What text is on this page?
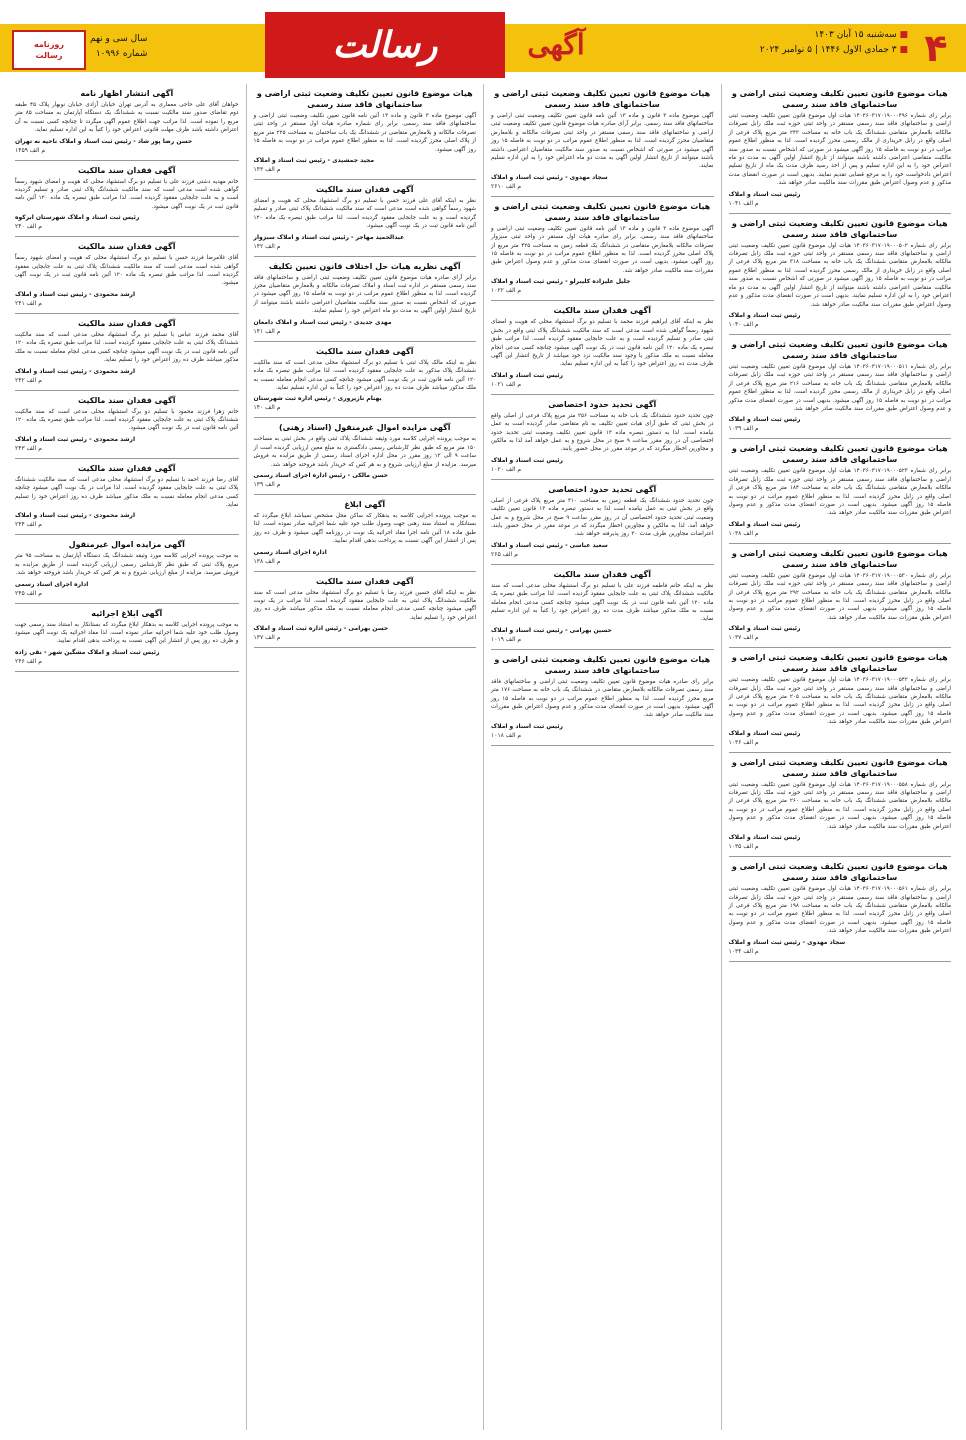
۴
■ سه‌شنبه ۱۵ آبان ۱۴۰۳
■ ۳ جمادی الاول ۱۴۴۶ | ۵ نوامبر ۲۰۲۴
آگهی
رسالت
سال سی و نهم
شماره ۱۰۹۹۶
روزنامه
رسالت
هیات موضوع قانون تعیین تکلیف وضعیت ثبتی اراضی و ساختمانهای فاقد سند رسمی
برابر رای شماره ۱۴۰۳۶۰۳۱۷۰۱۹۰۰۰۴۹۶ هیات اول موضوع قانون تعیین تکلیف وضعیت ثبتی اراضی و ساختمانهای فاقد سند رسمی مستقر در واحد ثبتی حوزه ثبت ملک زابل تصرفات مالکانه بلامعارض متقاضی ششدانگ یک باب خانه به مساحت ۲۴۳ متر مربع پلاک فرعی از اصلی واقع در زابل خریداری از مالک رسمی محرز گردیده است. لذا به منظور اطلاع عموم مراتب در دو نوبت به فاصله ۱۵ روز آگهی میشود در صورتی که اشخاص نسبت به صدور سند مالکیت متقاضی اعتراضی داشته باشند میتوانند از تاریخ انتشار اولین آگهی به مدت دو ماه اعتراض خود را به این اداره تسلیم و پس از اخذ رسید ظرف مدت یک ماه از تاریخ تسلیم اعتراض دادخواست خود را به مرجع قضایی تقدیم نمایند. بدیهی است در صورت انقضای مدت مذکور و عدم وصول اعتراض طبق مقررات سند مالکیت صادر خواهد شد.
رئیس ثبت اسناد و املاک
م الف ۱۰۴۱
هیات موضوع قانون تعیین تکلیف وضعیت ثبتی اراضی و ساختمانهای فاقد سند رسمی
برابر رای شماره ۱۴۰۳۶۰۳۱۷۰۱۹۰۰۰۵۰۲ هیات اول موضوع قانون تعیین تکلیف وضعیت ثبتی اراضی و ساختمانهای فاقد سند رسمی مستقر در واحد ثبتی حوزه ثبت ملک زابل تصرفات مالکانه بلامعارض متقاضی ششدانگ یک باب خانه به مساحت ۳۱۸ متر مربع پلاک فرعی از اصلی واقع در زابل خریداری از مالک رسمی محرز گردیده است. لذا به منظور اطلاع عموم مراتب در دو نوبت به فاصله ۱۵ روز آگهی میشود در صورتی که اشخاص نسبت به صدور سند مالکیت متقاضی اعتراضی داشته باشند میتوانند از تاریخ انتشار اولین آگهی به مدت دو ماه اعتراض خود را به این اداره تسلیم نمایند. بدیهی است در صورت انقضای مدت مذکور و عدم وصول اعتراض طبق مقررات سند مالکیت صادر خواهد شد.
رئیس ثبت اسناد و املاک
م الف ۱۰۴۰
هیات موضوع قانون تعیین تکلیف وضعیت ثبتی اراضی و ساختمانهای فاقد سند رسمی
برابر رای شماره ۱۴۰۳۶۰۳۱۷۰۱۹۰۰۰۵۱۱ هیات اول موضوع قانون تعیین تکلیف وضعیت ثبتی اراضی و ساختمانهای فاقد سند رسمی مستقر در واحد ثبتی حوزه ثبت ملک زابل تصرفات مالکانه بلامعارض متقاضی ششدانگ یک باب خانه به مساحت ۲۱۶ متر مربع پلاک فرعی از اصلی واقع در زابل خریداری از مالک رسمی محرز گردیده است. لذا به منظور اطلاع عموم مراتب در دو نوبت به فاصله ۱۵ روز آگهی میشود. بدیهی است در صورت انقضای مدت مذکور و عدم وصول اعتراض طبق مقررات سند مالکیت صادر خواهد شد.
رئیس ثبت اسناد و املاک
م الف ۱۰۳۹
هیات موضوع قانون تعیین تکلیف وضعیت ثبتی اراضی و ساختمانهای فاقد سند رسمی
برابر رای شماره ۱۴۰۳۶۰۳۱۷۰۱۹۰۰۰۵۲۳ هیات اول موضوع قانون تعیین تکلیف وضعیت ثبتی اراضی و ساختمانهای فاقد سند رسمی مستقر در واحد ثبتی حوزه ثبت ملک زابل تصرفات مالکانه بلامعارض متقاضی ششدانگ یک باب خانه به مساحت ۱۸۴ متر مربع پلاک فرعی از اصلی واقع در زابل محرز گردیده است. لذا به منظور اطلاع عموم مراتب در دو نوبت به فاصله ۱۵ روز آگهی میشود. بدیهی است در صورت انقضای مدت مذکور و عدم وصول اعتراض طبق مقررات سند مالکیت صادر خواهد شد.
رئیس ثبت اسناد و املاک
م الف ۱۰۳۸
هیات موضوع قانون تعیین تکلیف وضعیت ثبتی اراضی و ساختمانهای فاقد سند رسمی
برابر رای شماره ۱۴۰۳۶۰۳۱۷۰۱۹۰۰۰۵۳۰ هیات اول موضوع قانون تعیین تکلیف وضعیت ثبتی اراضی و ساختمانهای فاقد سند رسمی مستقر در واحد ثبتی حوزه ثبت ملک زابل تصرفات مالکانه بلامعارض متقاضی ششدانگ یک باب خانه به مساحت ۲۹۲ متر مربع پلاک فرعی از اصلی واقع در زابل محرز گردیده است. لذا به منظور اطلاع عموم مراتب در دو نوبت به فاصله ۱۵ روز آگهی میشود. بدیهی است در صورت انقضای مدت مذکور و عدم وصول اعتراض طبق مقررات سند مالکیت صادر خواهد شد.
رئیس ثبت اسناد و املاک
م الف ۱۰۳۷
هیات موضوع قانون تعیین تکلیف وضعیت ثبتی اراضی و ساختمانهای فاقد سند رسمی
برابر رای شماره ۱۴۰۳۶۰۳۱۷۰۱۹۰۰۰۵۴۲ هیات اول موضوع قانون تعیین تکلیف وضعیت ثبتی اراضی و ساختمانهای فاقد سند رسمی مستقر در واحد ثبتی حوزه ثبت ملک زابل تصرفات مالکانه بلامعارض متقاضی ششدانگ یک باب خانه به مساحت ۲۰۵ متر مربع پلاک فرعی از اصلی واقع در زابل محرز گردیده است. لذا به منظور اطلاع عموم مراتب در دو نوبت به فاصله ۱۵ روز آگهی میشود. بدیهی است در صورت انقضای مدت مذکور و عدم وصول اعتراض طبق مقررات سند مالکیت صادر خواهد شد.
رئیس ثبت اسناد و املاک
م الف ۱۰۳۶
هیات موضوع قانون تعیین تکلیف وضعیت ثبتی اراضی و ساختمانهای فاقد سند رسمی
برابر رای شماره ۱۴۰۳۶۰۳۱۷۰۱۹۰۰۰۵۵۸ هیات اول موضوع قانون تعیین تکلیف وضعیت ثبتی اراضی و ساختمانهای فاقد سند رسمی مستقر در واحد ثبتی حوزه ثبت ملک زابل تصرفات مالکانه بلامعارض متقاضی ششدانگ یک باب خانه به مساحت ۲۶۰ متر مربع پلاک فرعی از اصلی واقع در زابل محرز گردیده است. لذا به منظور اطلاع عموم مراتب در دو نوبت به فاصله ۱۵ روز آگهی میشود. بدیهی است در صورت انقضای مدت مذکور و عدم وصول اعتراض طبق مقررات سند مالکیت صادر خواهد شد.
رئیس ثبت اسناد و املاک
م الف ۱۰۳۵
هیات موضوع قانون تعیین تکلیف وضعیت ثبتی اراضی و ساختمانهای فاقد سند رسمی
برابر رای شماره ۱۴۰۳۶۰۳۱۷۰۱۹۰۰۰۵۶۱ هیات اول موضوع قانون تعیین تکلیف وضعیت ثبتی اراضی و ساختمانهای فاقد سند رسمی مستقر در واحد ثبتی حوزه ثبت ملک زابل تصرفات مالکانه بلامعارض متقاضی ششدانگ یک باب خانه به مساحت ۱۹۸ متر مربع پلاک فرعی از اصلی واقع در زابل محرز گردیده است. لذا به منظور اطلاع عموم مراتب در دو نوبت به فاصله ۱۵ روز آگهی میشود. بدیهی است در صورت انقضای مدت مذکور و عدم وصول اعتراض طبق مقررات سند مالکیت صادر خواهد شد.
سجاد مهدوی - رئیس ثبت اسناد و املاک
م الف ۱۰۳۴
هیات موضوع قانون تعیین تکلیف وضعیت ثبتی اراضی و ساختمانهای فاقد سند رسمی
آگهی موضوع ماده ۳ قانون و ماده ۱۳ آئین نامه قانون تعیین تکلیف وضعیت ثبتی اراضی و ساختمانهای فاقد سند رسمی. برابر آرای صادره هیات موضوع قانون تعیین تکلیف وضعیت ثبتی اراضی و ساختمانهای فاقد سند رسمی مستقر در واحد ثبتی تصرفات مالکانه و بلامعارض متقاضیان محرز گردیده است. لذا به منظور اطلاع عموم مراتب در دو نوبت به فاصله ۱۵ روز آگهی میشود در صورتی که اشخاص نسبت به صدور سند مالکیت متقاضیان اعتراضی داشته باشند میتوانند از تاریخ انتشار اولین آگهی به مدت دو ماه اعتراض خود را به این اداره تسلیم نمایند.
سجاد مهدوی - رئیس ثبت اسناد و املاک
م الف ۲۶۱۰
هیات موضوع قانون تعیین تکلیف وضعیت ثبتی اراضی و ساختمانهای فاقد سند رسمی
آگهی موضوع ماده ۳ قانون و ماده ۱۳ آئین نامه قانون تعیین تکلیف وضعیت ثبتی اراضی و ساختمانهای فاقد سند رسمی. برابر رای صادره هیات اول مستقر در واحد ثبتی سبزوار تصرفات مالکانه بلامعارض متقاضی در ششدانگ یک قطعه زمین به مساحت ۴۲۵ متر مربع از پلاک اصلی محرز گردیده است. لذا به منظور اطلاع عموم مراتب در دو نوبت به فاصله ۱۵ روز آگهی میشود. بدیهی است در صورت انقضای مدت مذکور و عدم وصول اعتراض طبق مقررات سند مالکیت صادر خواهد شد.
جلیل علیزاده کلیبرلو - رئیس ثبت اسناد و املاک
م الف ۱۰۲۲
آگهی فقدان سند مالکیت
نظر به اینکه آقای ابراهیم فرزند محمد با تسلیم دو برگ استشهاد محلی که هویت و امضای شهود رسماً گواهی شده است مدعی است که سند مالکیت ششدانگ پلاک ثبتی واقع در بخش ثبتی صادر و تسلیم گردیده است و به علت جابجایی مفقود گردیده است. لذا مراتب طبق تبصره یک ماده ۱۲۰ آئین نامه قانون ثبت در یک نوبت آگهی میشود چنانچه کسی مدعی انجام معامله نسبت به ملک مذکور یا وجود سند مالکیت نزد خود میباشد از تاریخ انتشار این آگهی ظرف مدت ده روز اعتراض خود را کتباً به این اداره تسلیم نماید.
رئیس ثبت اسناد و املاک
م الف ۱۰۲۱
آگهی تحدید حدود اختصاصی
چون تحدید حدود ششدانگ یک باب خانه به مساحت ۲۵۶ متر مربع پلاک فرعی از اصلی واقع در بخش ثبتی که طبق آرای هیات تعیین تکلیف به نام متقاضی صادر گردیده است به عمل نیامده است. لذا به دستور تبصره ماده ۱۳ قانون تعیین تکلیف وضعیت ثبتی تحدید حدود اختصاصی آن در روز مقرر ساعت ۹ صبح در محل شروع و به عمل خواهد آمد لذا به مالکین و مجاورین اخطار میگردد که در موعد مقرر در محل حضور یابند.
رئیس ثبت اسناد و املاک
م الف ۱۰۲۰
آگهی تحدید حدود اختصاصی
چون تحدید حدود ششدانگ یک قطعه زمین به مساحت ۳۱۰ متر مربع پلاک فرعی از اصلی واقع در بخش ثبتی به عمل نیامده است لذا به دستور تبصره ماده ۱۳ قانون تعیین تکلیف وضعیت ثبتی تحدید حدود اختصاصی آن در روز مقرر ساعت ۹ صبح در محل شروع و به عمل خواهد آمد. لذا به مالکین و مجاورین اخطار میگردد که در موعد مقرر در محل حضور یابند. اعتراضات مجاورین ظرف مدت ۳۰ روز پذیرفته خواهد شد.
سعید عباسی - رئیس ثبت اسناد و املاک
م الف ۲۶۵
آگهی فقدان سند مالکیت
نظر به اینکه خانم فاطمه فرزند علی با تسلیم دو برگ استشهاد محلی مدعی است که سند مالکیت ششدانگ پلاک ثبتی به علت جابجایی مفقود گردیده است. لذا مراتب طبق تبصره یک ماده ۱۲۰ آئین نامه قانون ثبت در یک نوبت آگهی میشود چنانچه کسی مدعی انجام معامله نسبت به ملک مذکور میباشد ظرف مدت ده روز اعتراض خود را کتباً به این اداره تسلیم نماید.
حسین بهرامی - رئیس ثبت اسناد و املاک
م الف ۱۰۱۹
هیات موضوع قانون تعیین تکلیف وضعیت ثبتی اراضی و ساختمانهای فاقد سند رسمی
برابر رای صادره هیات موضوع قانون تعیین تکلیف وضعیت ثبتی اراضی و ساختمانهای فاقد سند رسمی تصرفات مالکانه بلامعارض متقاضی در ششدانگ یک باب خانه به مساحت ۱۷۶ متر مربع محرز گردیده است. لذا به منظور اطلاع عموم مراتب در دو نوبت به فاصله ۱۵ روز آگهی میشود. بدیهی است در صورت انقضای مدت مذکور و عدم وصول اعتراض طبق مقررات سند مالکیت صادر خواهد شد.
رئیس ثبت اسناد و املاک
م الف ۱۰۱۸
هیات موضوع قانون تعیین تکلیف وضعیت ثبتی اراضی و ساختمانهای فاقد سند رسمی
آگهی موضوع ماده ۳ قانون و ماده ۱۳ آئین نامه قانون تعیین تکلیف وضعیت ثبتی اراضی و ساختمانهای فاقد سند رسمی. برابر رای شماره صادره هیات اول مستقر در واحد ثبتی تصرفات مالکانه و بلامعارض متقاضی در ششدانگ یک باب ساختمان به مساحت ۲۲۵ متر مربع از پلاک اصلی محرز گردیده است. لذا به منظور اطلاع عموم مراتب در دو نوبت به فاصله ۱۵ روز آگهی میشود.
مجید جمشیدی - رئیس ثبت اسناد و املاک
م الف ۱۴۳
آگهی فقدان سند مالکیت
نظر به اینکه آقای علی فرزند حسن با تسلیم دو برگ استشهاد محلی که هویت و امضای شهود رسماً گواهی شده است مدعی است که سند مالکیت ششدانگ پلاک ثبتی صادر و تسلیم گردیده است و به علت جابجایی مفقود گردیده است. لذا مراتب طبق تبصره یک ماده ۱۲۰ آئین نامه قانون ثبت در یک نوبت آگهی میشود.
عبدالحمید مهاجر - رئیس ثبت اسناد و املاک سبزوار
م الف ۱۴۲
آگهی نظریه هیات حل اختلاف قانون تعیین تکلیف
برابر آرای صادره هیات موضوع قانون تعیین تکلیف وضعیت ثبتی اراضی و ساختمانهای فاقد سند رسمی مستقر در اداره ثبت اسناد و املاک تصرفات مالکانه و بلامعارض متقاضیان محرز گردیده است. لذا به منظور اطلاع عموم مراتب در دو نوبت به فاصله ۱۵ روز آگهی میشود در صورتی که اشخاص نسبت به صدور سند مالکیت متقاضیان اعتراضی داشته باشند میتوانند از تاریخ انتشار اولین آگهی به مدت دو ماه اعتراض خود را تسلیم نمایند.
مهدی جدیدی - رئیس ثبت اسناد و املاک دامغان
م الف ۱۴۱
آگهی فقدان سند مالکیت
نظر به اینکه مالک پلاک ثبتی با تسلیم دو برگ استشهاد محلی مدعی است که سند مالکیت ششدانگ پلاک مذکور به علت جابجایی مفقود گردیده است. لذا مراتب طبق تبصره یک ماده ۱۲۰ آئین نامه قانون ثبت در یک نوبت آگهی میشود چنانچه کسی مدعی انجام معامله نسبت به ملک مذکور میباشد ظرف مدت ده روز اعتراض خود را کتباً به این اداره تسلیم نماید.
بهنام نازپروری - رئیس اداره ثبت شهرستان
م الف ۱۴۰
آگهی مزایده اموال غیرمنقول (اسناد رهنی)
به موجب پرونده اجرایی کلاسه مورد وثیقه ششدانگ پلاک ثبتی واقع در بخش ثبتی به مساحت ۱۵۰ متر مربع که طبق نظر کارشناس رسمی دادگستری به مبلغ معین ارزیابی گردیده است از ساعت ۹ الی ۱۲ روز مقرر در محل اداره اجرای اسناد رسمی از طریق مزایده به فروش میرسد. مزایده از مبلغ ارزیابی شروع و به هر کس که خریدار باشد فروخته خواهد شد.
حسن مالکی - رئیس اداره اجرای اسناد رسمی
م الف ۱۳۹
آگهی ابلاغ
به موجب پرونده اجرایی کلاسه به بدهکار که ساکن محل مشخص نمیباشد ابلاغ میگردد که بستانکار به استناد سند رهنی جهت وصول طلب خود علیه شما اجرائیه صادر نموده است. لذا طبق ماده ۱۸ آئین نامه اجرا مفاد اجرائیه یک نوبت در روزنامه آگهی میشود و ظرف ده روز پس از انتشار این آگهی نسبت به پرداخت بدهی اقدام نمایید.
اداره اجرای اسناد رسمی
م الف ۱۳۸
آگهی فقدان سند مالکیت
نظر به اینکه آقای حسین فرزند رضا با تسلیم دو برگ استشهاد محلی مدعی است که سند مالکیت ششدانگ پلاک ثبتی به علت جابجایی مفقود گردیده است. لذا مراتب در یک نوبت آگهی میشود چنانچه کسی مدعی انجام معامله نسبت به ملک مذکور میباشد ظرف ده روز اعتراض خود را تسلیم نماید.
حسن بهرامی - رئیس اداره ثبت اسناد و املاک
م الف ۱۳۷
آگهی انتشار اظهار نامه
خواهان آقای علی حاجی معماری به آدرس تهران خیابان آزادی خیابان نوبهار پلاک ۴۵ طبقه دوم تقاضای صدور سند مالکیت نسبت به ششدانگ یک دستگاه آپارتمان به مساحت ۸۵ متر مربع را نموده است. لذا مراتب جهت اطلاع عموم آگهی میگردد تا چنانچه کسی نسبت به آن اعتراض داشته باشد ظرف مهلت قانونی اعتراض خود را کتباً به این اداره تسلیم نماید.
حسن رضا پور شاد - رئیس ثبت اسناد و املاک ناحیه نه تهران
م الف ۱۴۵۹
آگهی فقدان سند مالکیت
خانم مهدیه دشتی فرزند علی با تسلیم دو برگ استشهاد محلی که هویت و امضای شهود رسماً گواهی شده است مدعی است که سند مالکیت ششدانگ پلاک ثبتی صادر و تسلیم گردیده است و به علت جابجایی مفقود گردیده است. لذا مراتب طبق تبصره یک ماده ۱۲۰ آئین نامه قانون ثبت در یک نوبت آگهی میشود.
رئیس ثبت اسناد و املاک شهرستان ابرکوه
م الف ۲۴۰
آگهی فقدان سند مالکیت
آقای غلامرضا فرزند حسن با تسلیم دو برگ استشهاد محلی که هویت و امضای شهود رسماً گواهی شده است مدعی است که سند مالکیت ششدانگ پلاک ثبتی به علت جابجایی مفقود گردیده است. لذا مراتب طبق تبصره یک ماده ۱۲۰ آئین نامه قانون ثبت در یک نوبت آگهی میشود.
ارشد محمودی - رئیس ثبت اسناد و املاک
م الف ۲۴۱
آگهی فقدان سند مالکیت
آقای محمد فرزند عباس با تسلیم دو برگ استشهاد محلی مدعی است که سند مالکیت ششدانگ پلاک ثبتی به علت جابجایی مفقود گردیده است. لذا مراتب طبق تبصره یک ماده ۱۲۰ آئین نامه قانون ثبت در یک نوبت آگهی میشود چنانچه کسی مدعی انجام معامله نسبت به ملک مذکور میباشد ظرف ده روز اعتراض خود را تسلیم نماید.
ارشد محمودی - رئیس ثبت اسناد و املاک
م الف ۲۴۲
آگهی فقدان سند مالکیت
خانم زهرا فرزند محمود با تسلیم دو برگ استشهاد محلی مدعی است که سند مالکیت ششدانگ پلاک ثبتی به علت جابجایی مفقود گردیده است. لذا مراتب طبق تبصره یک ماده ۱۲۰ آئین نامه قانون ثبت در یک نوبت آگهی میشود.
ارشد محمودی - رئیس ثبت اسناد و املاک
م الف ۲۴۳
آگهی فقدان سند مالکیت
آقای رضا فرزند احمد با تسلیم دو برگ استشهاد محلی مدعی است که سند مالکیت ششدانگ پلاک ثبتی به علت جابجایی مفقود گردیده است. لذا مراتب در یک نوبت آگهی میشود چنانچه کسی مدعی انجام معامله نسبت به ملک مذکور میباشد ظرف ده روز اعتراض خود را تسلیم نماید.
ارشد محمودی - رئیس ثبت اسناد و املاک
م الف ۲۴۴
آگهی مزایده اموال غیرمنقول
به موجب پرونده اجرایی کلاسه مورد وثیقه ششدانگ یک دستگاه آپارتمان به مساحت ۹۵ متر مربع پلاک ثبتی که طبق نظر کارشناس رسمی ارزیابی گردیده است از طریق مزایده به فروش میرسد. مزایده از مبلغ ارزیابی شروع و به هر کس که خریدار باشد فروخته خواهد شد.
اداره اجرای اسناد رسمی
م الف ۲۴۵
آگهی ابلاغ اجرائیه
به موجب پرونده اجرایی کلاسه به بدهکار ابلاغ میگردد که بستانکار به استناد سند رسمی جهت وصول طلب خود علیه شما اجرائیه صادر نموده است. لذا مفاد اجرائیه یک نوبت آگهی میشود و ظرف ده روز پس از انتشار این آگهی نسبت به پرداخت بدهی اقدام نمایید.
رئیس ثبت اسناد و املاک مشگین شهر - نقی زاده
م الف ۲۴۶
